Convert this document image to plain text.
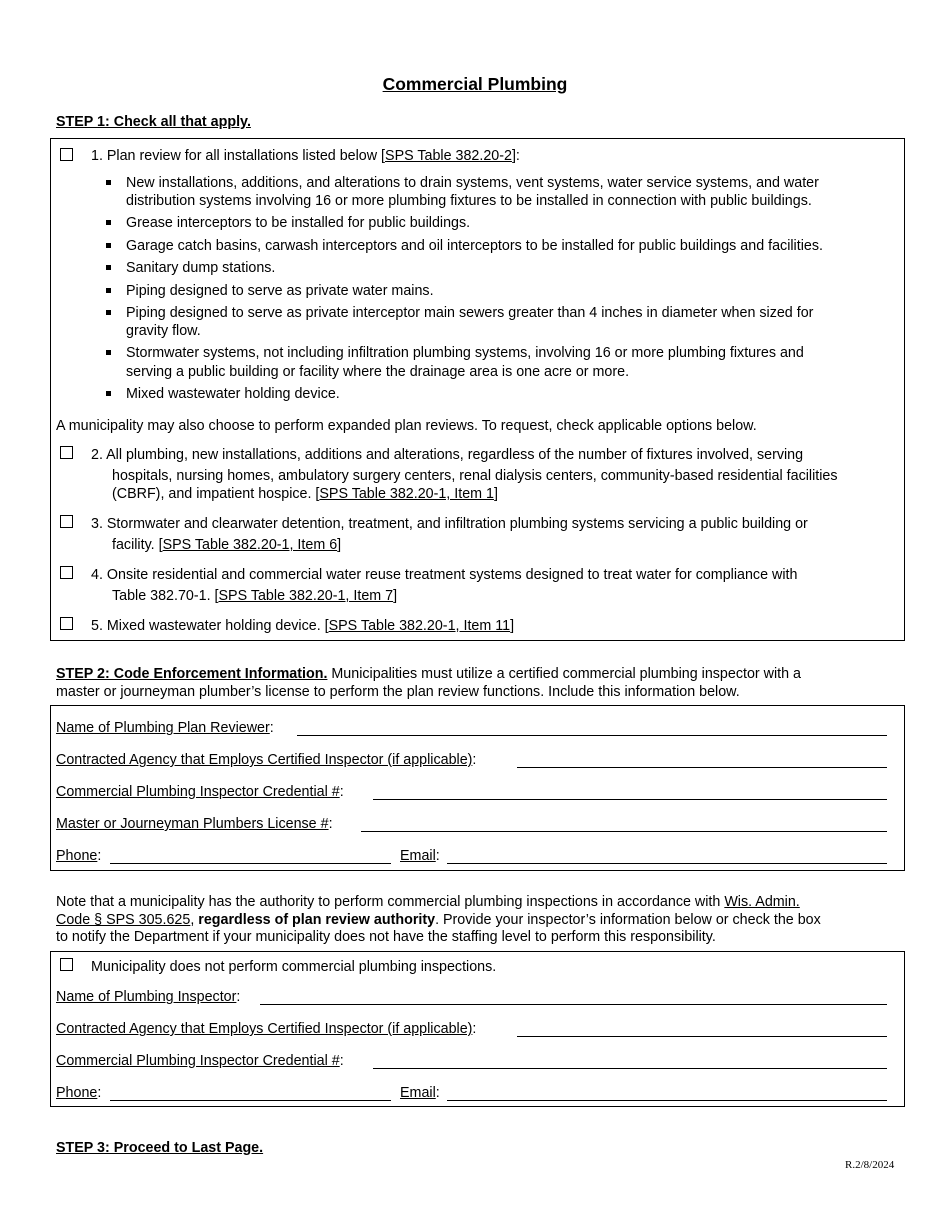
Commercial Plumbing
STEP 1: Check all that apply.
1. Plan review for all installations listed below [SPS Table 382.20-2]:
New installations, additions, and alterations to drain systems, vent systems, water service systems, and water
distribution systems involving 16 or more plumbing fixtures to be installed in connection with public buildings.
Grease interceptors to be installed for public buildings.
Garage catch basins, carwash interceptors and oil interceptors to be installed for public buildings and facilities.
Sanitary dump stations.
Piping designed to serve as private water mains.
Piping designed to serve as private interceptor main sewers greater than 4 inches in diameter when sized for
gravity flow.
Stormwater systems, not including infiltration plumbing systems, involving 16 or more plumbing fixtures and
serving a public building or facility where the drainage area is one acre or more.
Mixed wastewater holding device.
A municipality may also choose to perform expanded plan reviews. To request, check applicable options below.
2. All plumbing, new installations, additions and alterations, regardless of the number of fixtures involved, serving
hospitals, nursing homes, ambulatory surgery centers, renal dialysis centers, community-based residential facilities
(CBRF), and impatient hospice. [SPS Table 382.20-1, Item 1]
3. Stormwater and clearwater detention, treatment, and infiltration plumbing systems servicing a public building or
facility. [SPS Table 382.20-1, Item 6]
4. Onsite residential and commercial water reuse treatment systems designed to treat water for compliance with
Table 382.70-1. [SPS Table 382.20-1, Item 7]
5. Mixed wastewater holding device. [SPS Table 382.20-1, Item 11]
STEP 2: Code Enforcement Information. Municipalities must utilize a certified commercial plumbing inspector with a
master or journeyman plumber’s license to perform the plan review functions. Include this information below.
Name of Plumbing Plan Reviewer:
Contracted Agency that Employs Certified Inspector (if applicable):
Commercial Plumbing Inspector Credential #:
Master or Journeyman Plumbers License #:
Phone:	Email:
Note that a municipality has the authority to perform commercial plumbing inspections in accordance with Wis. Admin.
Code § SPS 305.625, regardless of plan review authority. Provide your inspector’s information below or check the box
to notify the Department if your municipality does not have the staffing level to perform this responsibility.
Municipality does not perform commercial plumbing inspections.
Name of Plumbing Inspector:
Contracted Agency that Employs Certified Inspector (if applicable):
Commercial Plumbing Inspector Credential #:
Phone:	Email:
STEP 3: Proceed to Last Page.
R.2/8/2024
